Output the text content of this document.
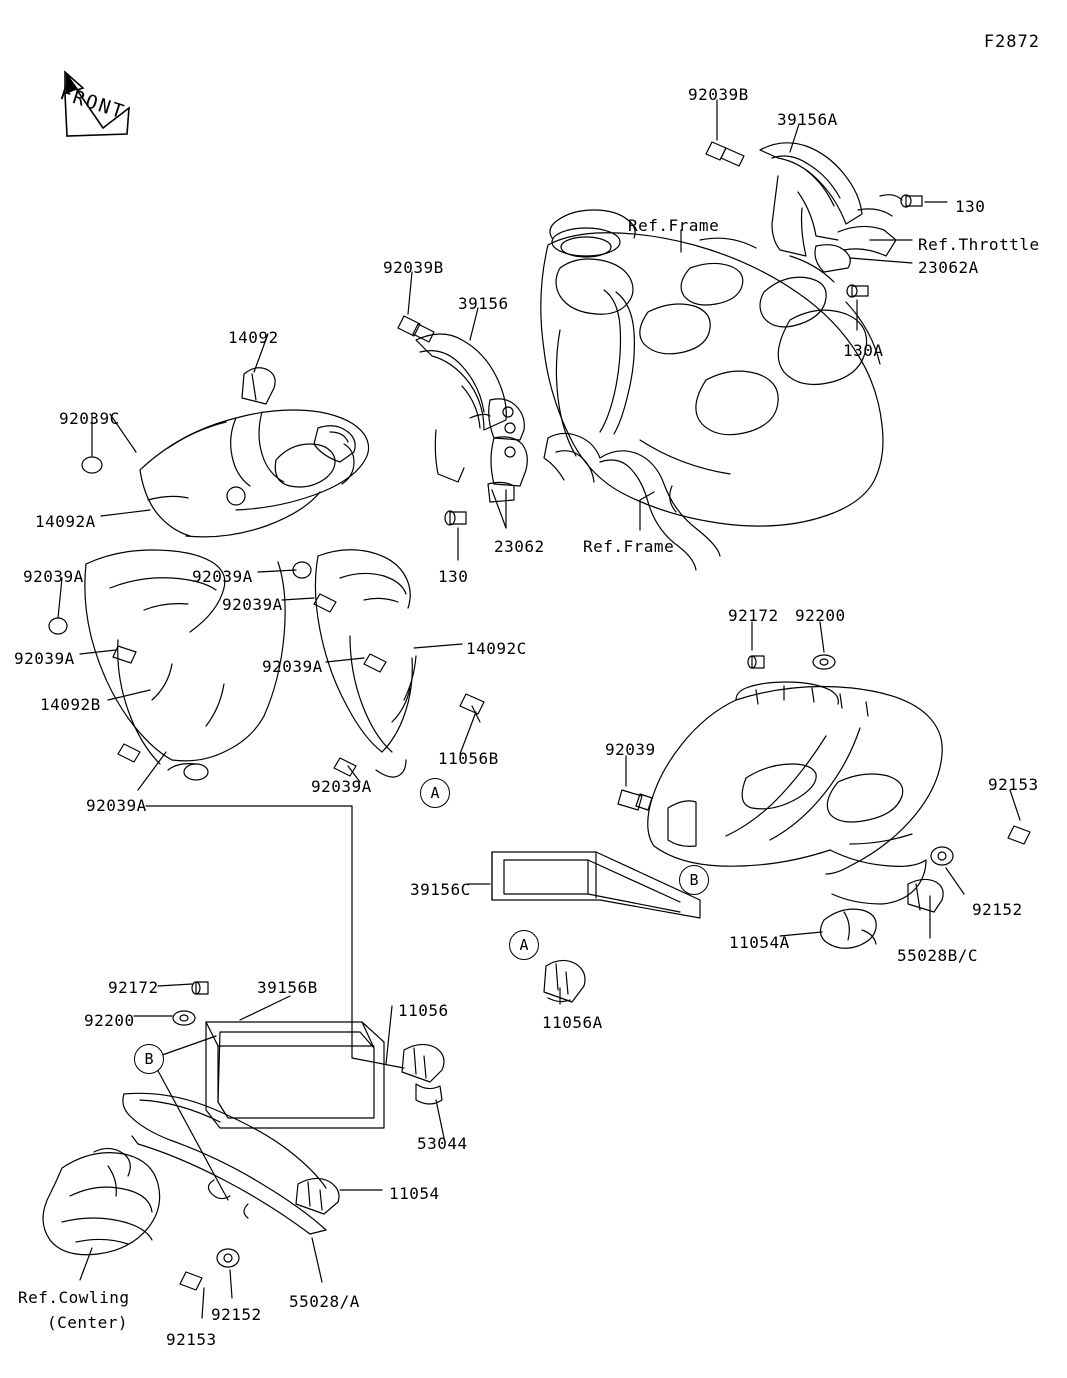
F2872
FRONT	92039B
39156A
130
Ref.Throttle
23062A
130A
Ref.Frame
92039B
39156
14092
92039C
14092A
130
23062 Ref.Frame
92039A	92039A
92039A
92039A
14092C
92039A
14092B
11056B
92039A
92039A
92172 92200
92039
92153
92152
55028B/C
11054A
39156C
11056A
92172	39156B
11056
92200
53044
11054
Ref.Cowling
(Center)	92152
92153
55028/A
A
B
A
B
